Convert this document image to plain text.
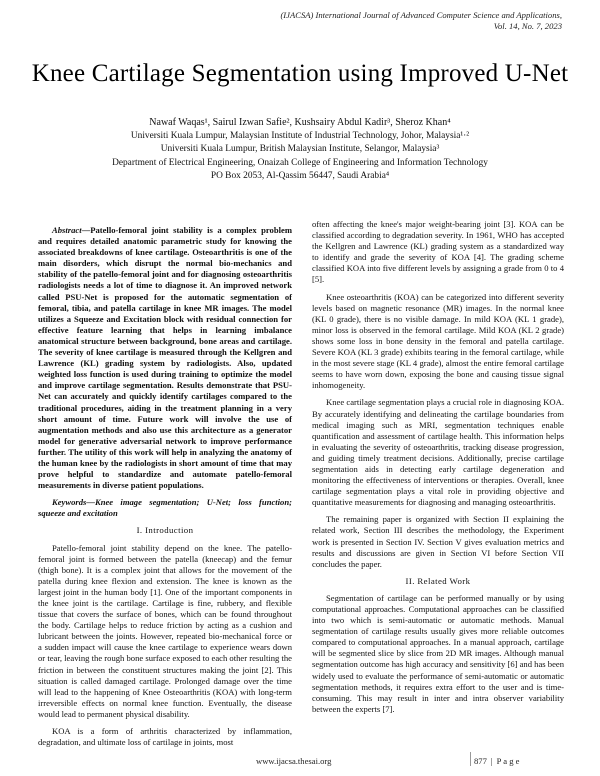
(IJACSA) International Journal of Advanced Computer Science and Applications,
Vol. 14, No. 7, 2023
Knee Cartilage Segmentation using Improved U-Net
Nawaf Waqas¹, Sairul Izwan Safie², Kushsairy Abdul Kadir³, Sheroz Khan⁴
Universiti Kuala Lumpur, Malaysian Institute of Industrial Technology, Johor, Malaysia¹·²
Universiti Kuala Lumpur, British Malaysian Institute, Selangor, Malaysia³
Department of Electrical Engineering, Onaizah College of Engineering and Information Technology
PO Box 2053, Al-Qassim 56447, Saudi Arabia⁴

Abstract—Patello-femoral joint stability is a complex problem and requires detailed anatomic parametric study for knowing the associated breakdowns of knee cartilage. Osteoarthritis is one of the main disorders, which disrupt the normal bio-mechanics and stability of the patello-femoral joint and for diagnosing osteoarthritis radiologists needs a lot of time to diagnose it. An improved network called PSU-Net is proposed for the automatic segmentation of femoral, tibia, and patella cartilage in knee MR images. The model utilizes a Squeeze and Excitation block with residual connection for effective feature learning that helps in learning imbalance anatomical structure between background, bone areas and cartilage. The severity of knee cartilage is measured through the Kellgren and Lawrence (KL) grading system by radiologists. Also, updated weighted loss function is used during training to optimize the model and improve cartilage segmentation. Results demonstrate that PSU-Net can accurately and quickly identify cartilages compared to the traditional procedures, aiding in the treatment planning in a very short amount of time. Future work will involve the use of augmentation methods and also use this architecture as a generator model for generative adversarial network to improve performance further. The utility of this work will help in analyzing the anatomy of the human knee by the radiologists in short amount of time that may prove helpful to standardize and automate patello-femoral measurements in diverse patient populations.

Keywords—Knee image segmentation; U-Net; loss function; squeeze and excitation

I. Introduction

Patello-femoral joint stability depend on the knee. The patello-femoral joint is formed between the patella (kneecap) and the femur (thigh bone). It is a complex joint that allows for the movement of the patella during knee flexion and extension. The knee is known as the largest joint in the human body [1]. One of the important components in the knee joint is the cartilage. Cartilage is fine, rubbery, and flexible tissue that covers the surface of bones, which can be found throughout the body. Cartilage helps to reduce friction by acting as a cushion and lubricant between the joints. However, repeated bio-mechanical force or a sudden impact will cause the knee cartilage to experience wears down or tear, leaving the rough bone surface exposed to each other resulting the friction in between the constituent structures making the joint [2]. This situation is called damaged cartilage. Prolonged damage over the time will lead to the happening of Knee Osteoarthritis (KOA) with long-term irreversible effects on normal knee function. Eventually, the disease would lead to permanent physical disability.

KOA is a form of arthritis characterized by inflammation, degradation, and ultimate loss of cartilage in joints, most

often affecting the knee's major weight-bearing joint [3]. KOA can be classified according to degradation severity. In 1961, WHO has accepted the Kellgren and Lawrence (KL) grading system as a standardized way to identify and grade the severity of KOA [4]. The grading scheme classified KOA into five different levels by assigning a grade from 0 to 4 [5].

Knee osteoarthritis (KOA) can be categorized into different severity levels based on magnetic resonance (MR) images. In the normal knee (KL 0 grade), there is no visible damage. In mild KOA (KL 1 grade), minor loss is observed in the femoral cartilage. Mild KOA (KL 2 grade) shows some loss in bone density in the femoral and patella cartilage. Severe KOA (KL 3 grade) exhibits tearing in the femoral cartilage, while in the most severe stage (KL 4 grade), almost the entire femoral cartilage seems to have worn down, exposing the bone and causing tissue signal inhomogeneity.

Knee cartilage segmentation plays a crucial role in diagnosing KOA. By accurately identifying and delineating the cartilage boundaries from medical imaging such as MRI, segmentation techniques enable quantification and assessment of cartilage health. This information helps in evaluating the severity of osteoarthritis, tracking disease progression, and guiding timely treatment decisions. Additionally, precise cartilage segmentation aids in detecting early cartilage degeneration and monitoring the effectiveness of interventions or therapies. Overall, knee cartilage segmentation plays a vital role in providing objective and quantitative measurements for diagnosing and managing osteoarthritis.

The remaining paper is organized with Section II explaining the related work, Section III describes the methodology, the Experiment work is presented in Section IV. Section V gives evaluation metrics and results and discussions are given in Section VI before Section VII concludes the paper.

II. Related Work

Segmentation of cartilage can be performed manually or by using computational approaches. Computational approaches can be classified into two which is semi-automatic or automatic methods. Manual segmentation of cartilage results usually gives more reliable outcomes compared to computational approaches. In a manual approach, cartilage will be segmented slice by slice from 2D MR images. Although manual segmentation outcome has high accuracy and sensitivity [6] and has been widely used to evaluate the performance of semi-automatic or automatic segmentation methods, it requires extra effort to the user and is time-consuming. This may result in inter and intra observer variability between the experts [7].

www.ijacsa.thesai.org	877 | P a g e
